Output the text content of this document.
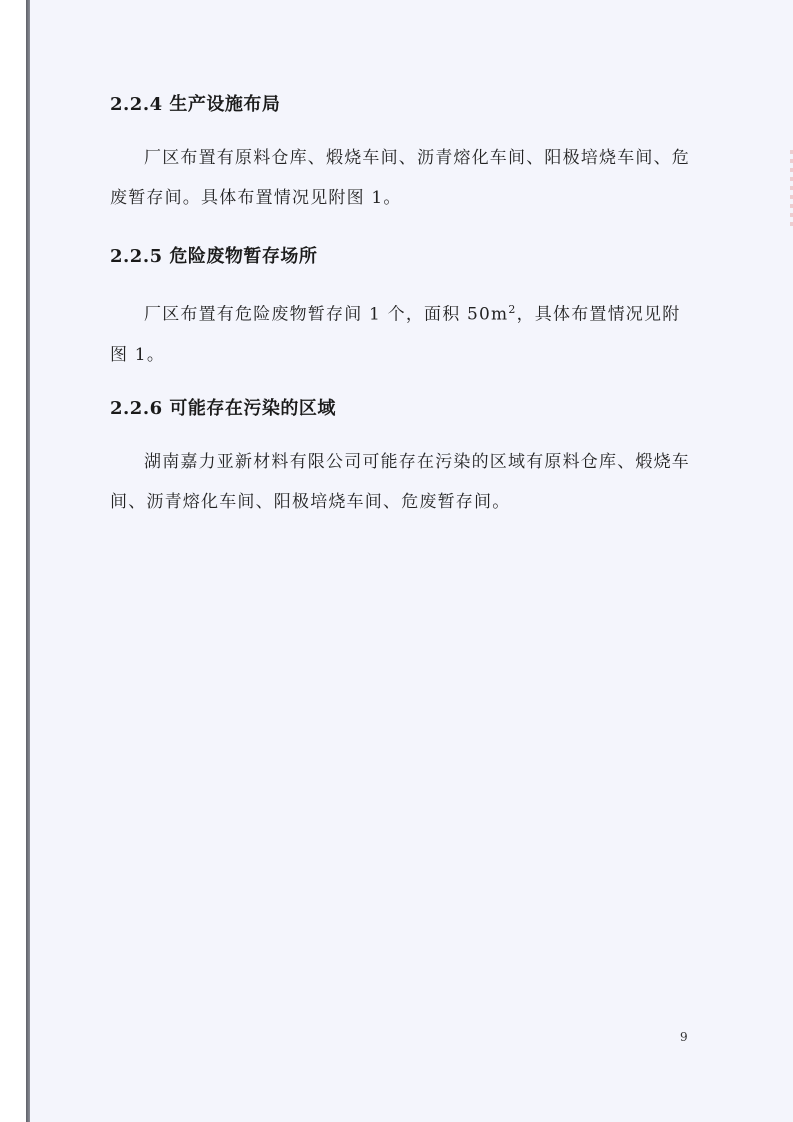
2.2.4 生产设施布局

厂区布置有原料仓库、煅烧车间、沥青熔化车间、阳极培烧车间、危废暂存间。具体布置情况见附图 1。

2.2.5 危险废物暂存场所

厂区布置有危险废物暂存间 1 个，面积 $50m^2$，具体布置情况见附图 1。

2.2.6 可能存在污染的区域

湖南嘉力亚新材料有限公司可能存在污染的区域有原料仓库、煅烧车间、沥青熔化车间、阳极培烧车间、危废暂存间。

9
